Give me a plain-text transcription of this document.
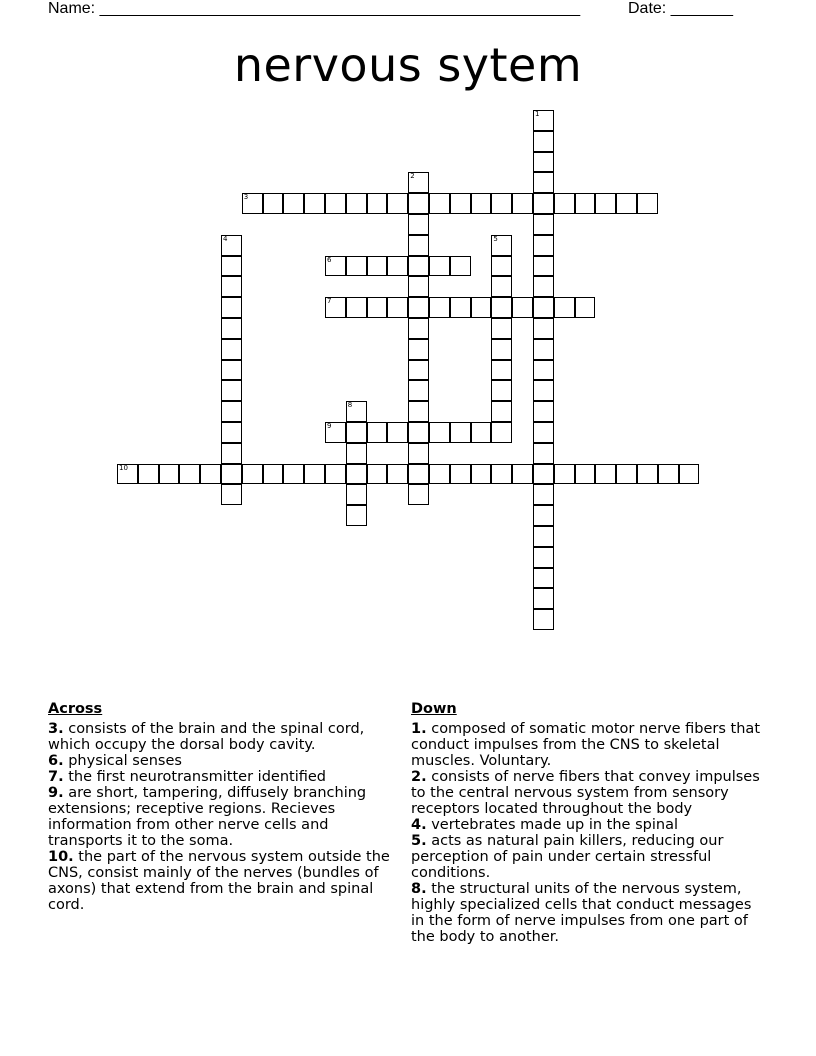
Name: ______________________________________________________

	Date: _______

nervous sytem
1
2
3
4	5
6
7
8
9
10
Across
3. consists of the brain and the spinal cord, which occupy the dorsal body cavity.
6. physical senses
7. the first neurotransmitter identified
9. are short, tampering, diffusely branching extensions; receptive regions. Recieves information from other nerve cells and transports it to the soma.
10. the part of the nervous system outside the CNS, consist mainly of the nerves (bundles of axons) that extend from the brain and spinal cord.
Down
1. composed of somatic motor nerve fibers that conduct impulses from the CNS to skeletal muscles. Voluntary.
2. consists of nerve fibers that convey impulses to the central nervous system from sensory receptors located throughout the body
4. vertebrates made up in the spinal
5. acts as natural pain killers, reducing our perception of pain under certain stressful conditions.
8. the structural units of the nervous system, highly specialized cells that conduct messages in the form of nerve impulses from one part of the body to another.
